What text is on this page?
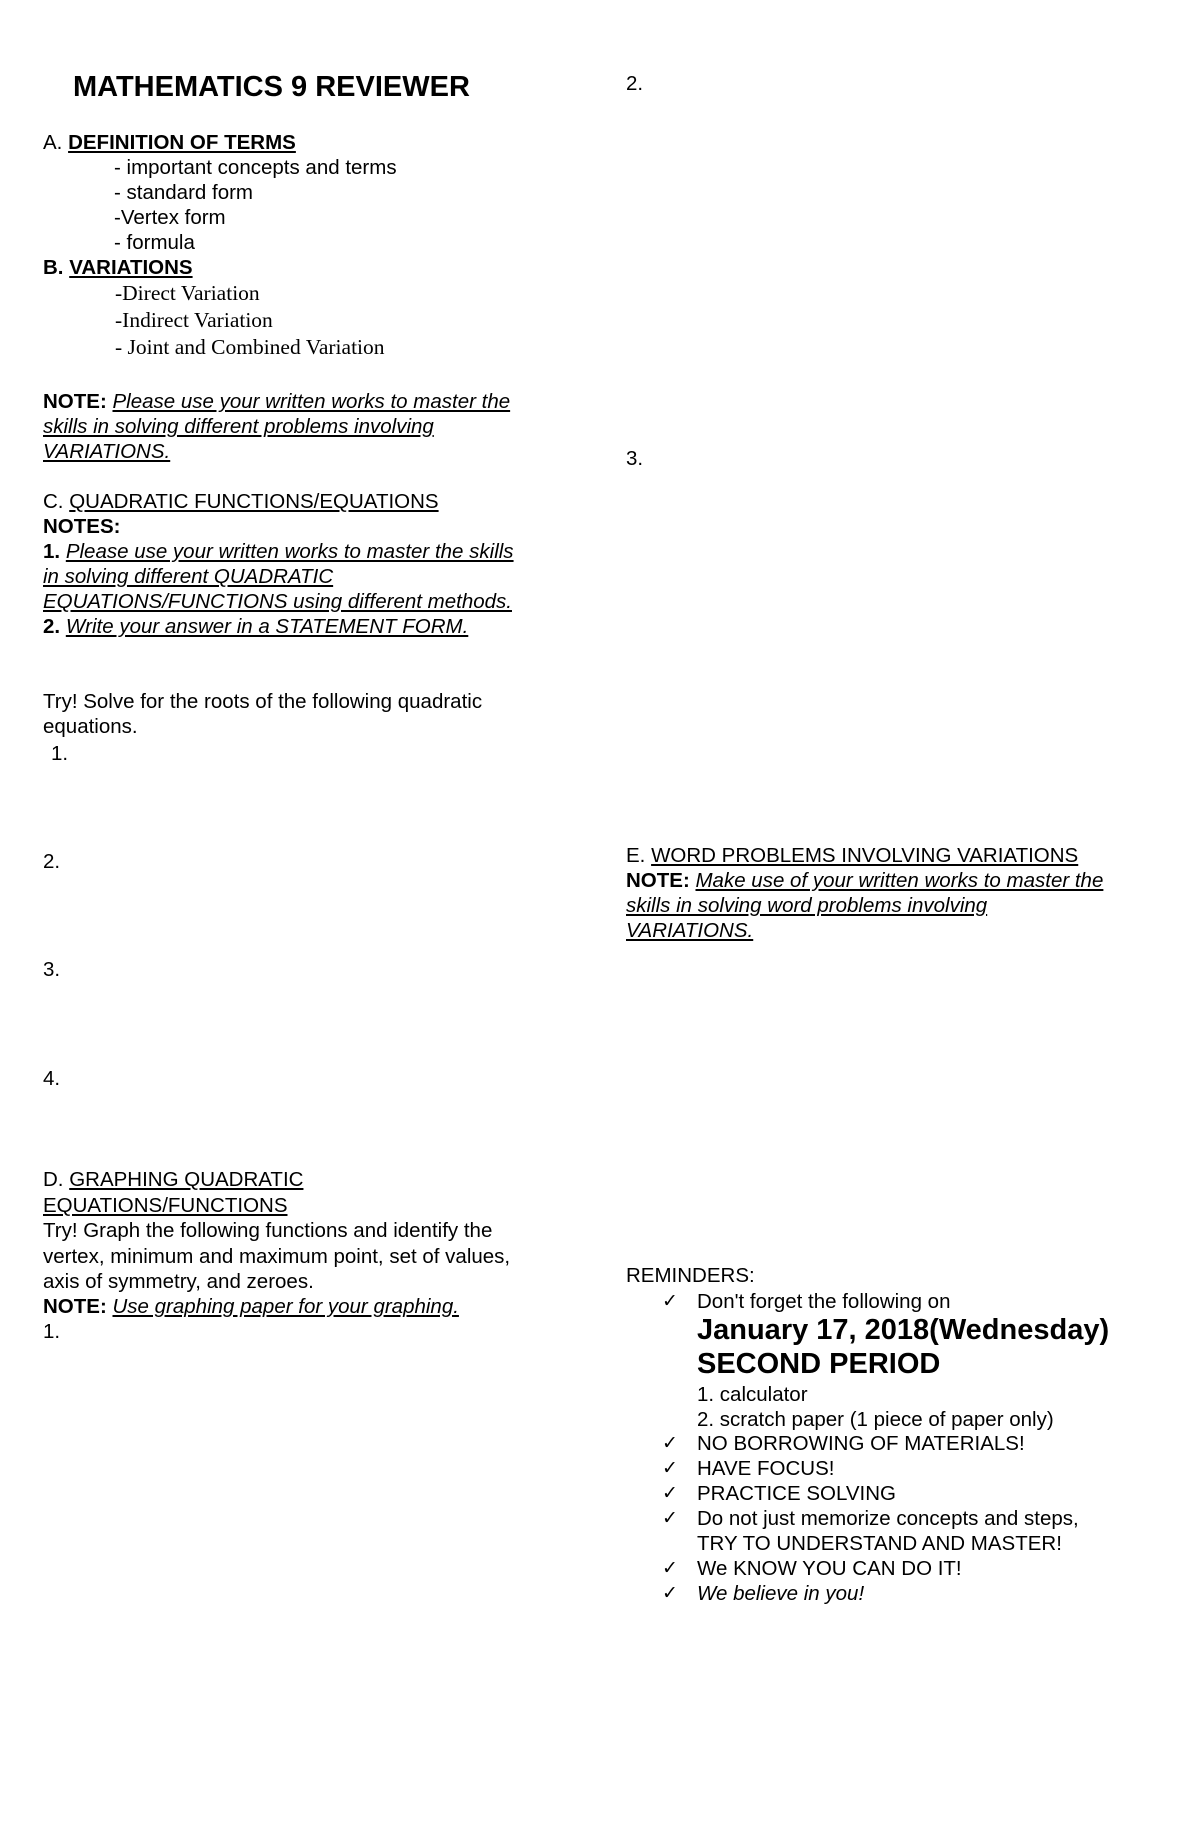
MATHEMATICS 9 REVIEWER
A. DEFINITION OF TERMS
- important concepts and terms
- standard form
-Vertex form
- formula
B. VARIATIONS
-Direct Variation
-Indirect Variation
- Joint and Combined Variation
NOTE: Please use your written works to master the
skills in solving different problems involving
VARIATIONS.
C. QUADRATIC FUNCTIONS/EQUATIONS
NOTES:
1. Please use your written works to master the skills
in solving different QUADRATIC
EQUATIONS/FUNCTIONS using different methods.
2. Write your answer in a STATEMENT FORM.
Try! Solve for the roots of the following quadratic
equations.
1.
2.
3.
4.
D. GRAPHING QUADRATIC
EQUATIONS/FUNCTIONS
Try! Graph the following functions and identify the
vertex, minimum and maximum point, set of values,
axis of symmetry, and zeroes.
NOTE: Use graphing paper for your graphing.
1.
2.
3.
E. WORD PROBLEMS INVOLVING VARIATIONS
NOTE: Make use of your written works to master the
skills in solving word problems involving
VARIATIONS.
REMINDERS:
✓ Don't forget the following on
January 17, 2018(Wednesday)
SECOND PERIOD
1. calculator
2. scratch paper (1 piece of paper only)
✓ NO BORROWING OF MATERIALS!
✓ HAVE FOCUS!
✓ PRACTICE SOLVING
✓ Do not just memorize concepts and steps,
TRY TO UNDERSTAND AND MASTER!
✓ We KNOW YOU CAN DO IT!
✓ We believe in you!
